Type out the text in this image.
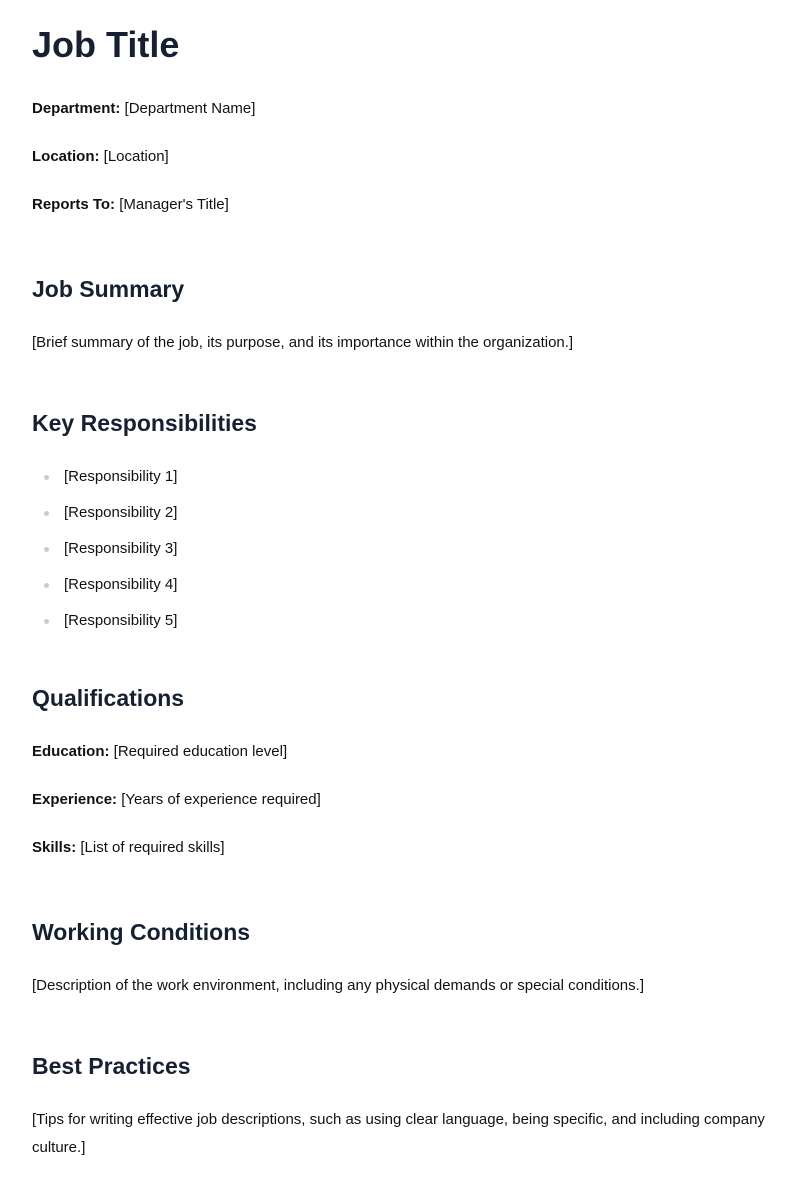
Job Title

Department: [Department Name]

Location: [Location]

Reports To: [Manager's Title]

Job Summary

[Brief summary of the job, its purpose, and its importance within the organization.]

Key Responsibilities
[Responsibility 1]
[Responsibility 2]
[Responsibility 3]
[Responsibility 4]
[Responsibility 5]
Qualifications

Education: [Required education level]

Experience: [Years of experience required]

Skills: [List of required skills]

Working Conditions

[Description of the work environment, including any physical demands or special conditions.]

Best Practices

[Tips for writing effective job descriptions, such as using clear language, being specific, and including company culture.]
